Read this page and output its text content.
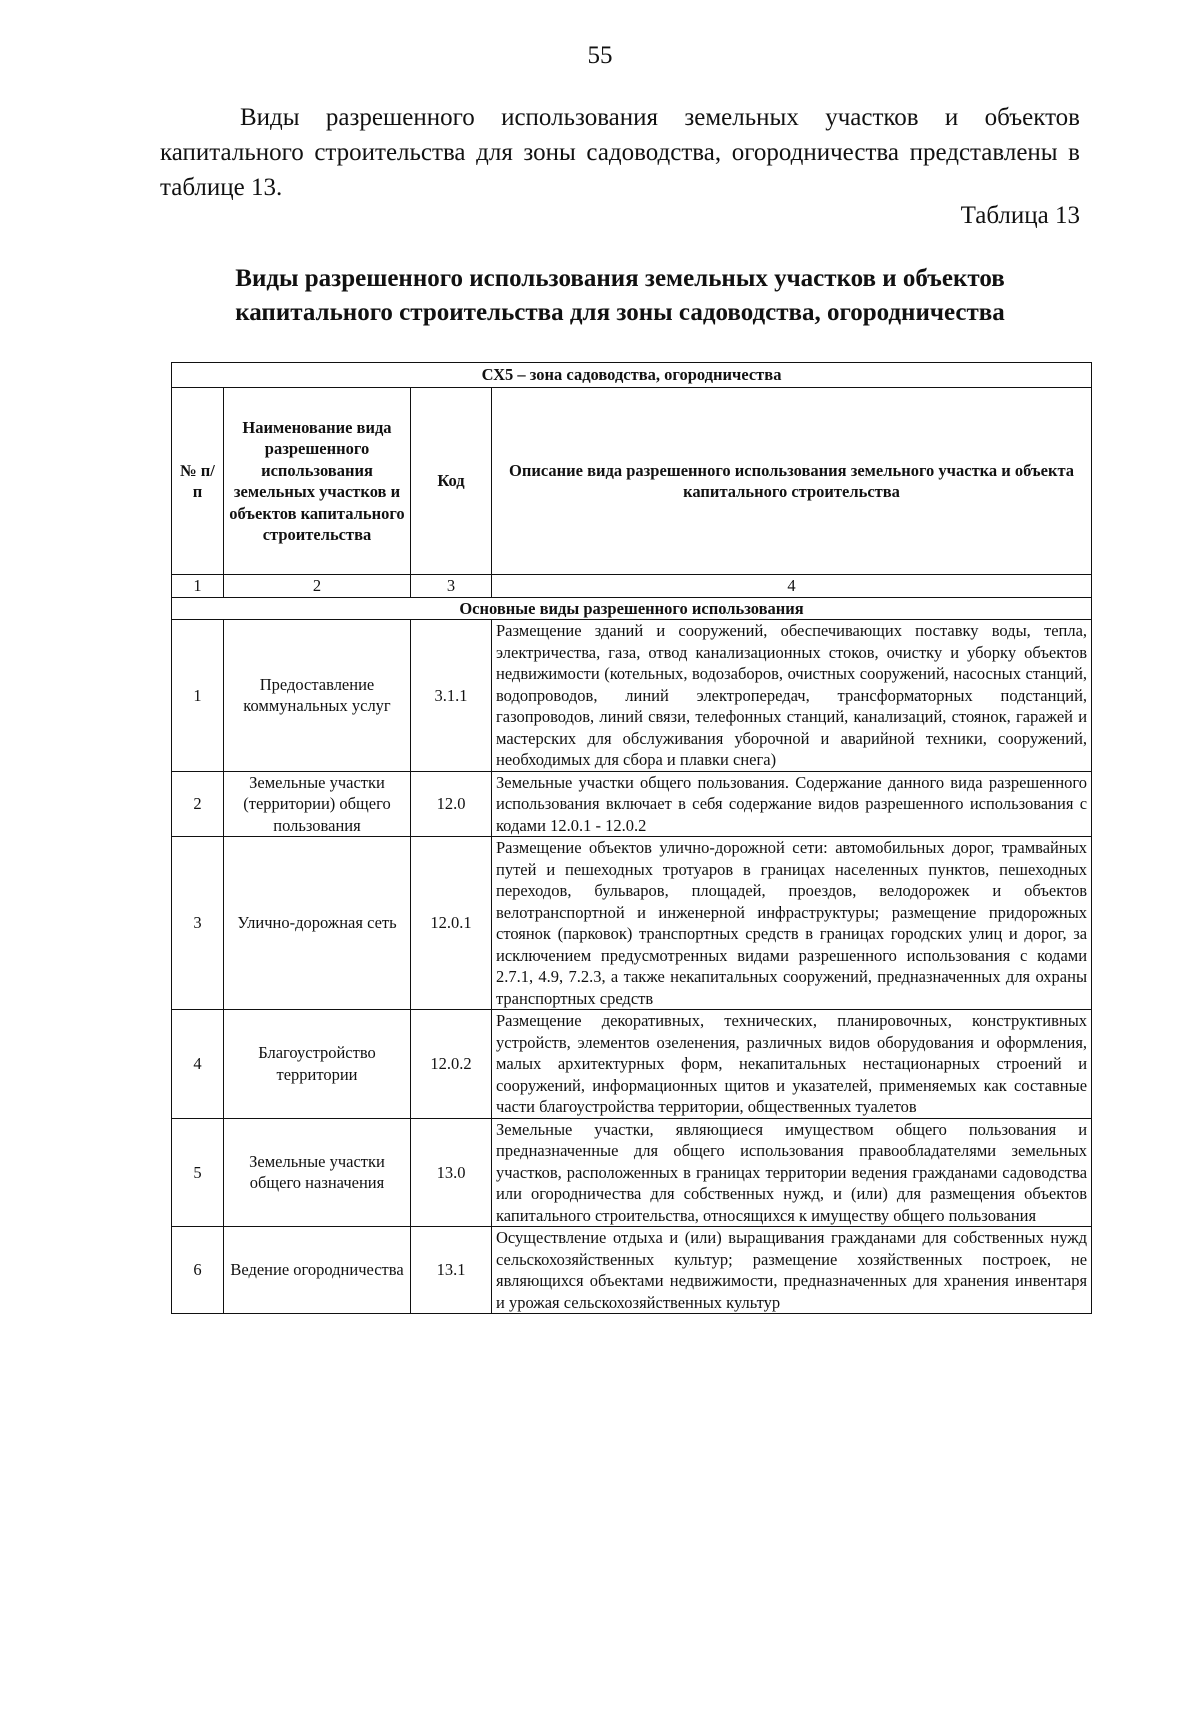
55

Виды разрешенного использования земельных участков и объектов капитального строительства для зоны садоводства, огородничества представлены в таблице 13.

Таблица 13
Виды разрешенного использования земельных участков и объектов
капитального строительства для зоны садоводства, огородничества
СХ5 – зона садоводства, огородничества			
№ п/п	Наименование вида разрешенного использования земельных участков и объектов капитального строительства	Код	Описание вида разрешенного использования земельного участка и объекта капитального строительства
1	2	3	4
Основные виды разрешенного использования			
1	Предоставление коммунальных услуг	3.1.1	Размещение зданий и сооружений, обеспечивающих поставку воды, тепла, электричества, газа, отвод канализационных стоков, очистку и уборку объектов недвижимости (котельных, водозаборов, очистных сооружений, насосных станций, водопроводов, линий электропередач, трансформаторных подстанций, газопроводов, линий связи, телефонных станций, канализаций, стоянок, гаражей и мастерских для обслуживания уборочной и аварийной техники, сооружений, необходимых для сбора и плавки снега)
2	Земельные участки (территории) общего пользования	12.0	Земельные участки общего пользования. Содержание данного вида разрешенного использования включает в себя содержание видов разрешенного использования с кодами 12.0.1 - 12.0.2
3	Улично-дорожная сеть	12.0.1	Размещение объектов улично-дорожной сети: автомобильных дорог, трамвайных путей и пешеходных тротуаров в границах населенных пунктов, пешеходных переходов, бульваров, площадей, проездов, велодорожек и объектов велотранспортной и инженерной инфраструктуры; размещение придорожных стоянок (парковок) транспортных средств в границах городских улиц и дорог, за исключением предусмотренных видами разрешенного использования с кодами 2.7.1, 4.9, 7.2.3, а также некапитальных сооружений, предназначенных для охраны транспортных средств
4	Благоустройство территории	12.0.2	Размещение декоративных, технических, планировочных, конструктивных устройств, элементов озеленения, различных видов оборудования и оформления, малых архитектурных форм, некапитальных нестационарных строений и сооружений, информационных щитов и указателей, применяемых как составные части благоустройства территории, общественных туалетов
5	Земельные участки общего назначения	13.0	Земельные участки, являющиеся имуществом общего пользования и предназначенные для общего использования правообладателями земельных участков, расположенных в границах территории ведения гражданами садоводства или огородничества для собственных нужд, и (или) для размещения объектов капитального строительства, относящихся к имуществу общего пользования
6	Ведение огородничества	13.1	Осуществление отдыха и (или) выращивания гражданами для собственных нужд сельскохозяйственных культур; размещение хозяйственных построек, не являющихся объектами недвижимости, предназначенных для хранения инвентаря и урожая сельскохозяйственных культур
